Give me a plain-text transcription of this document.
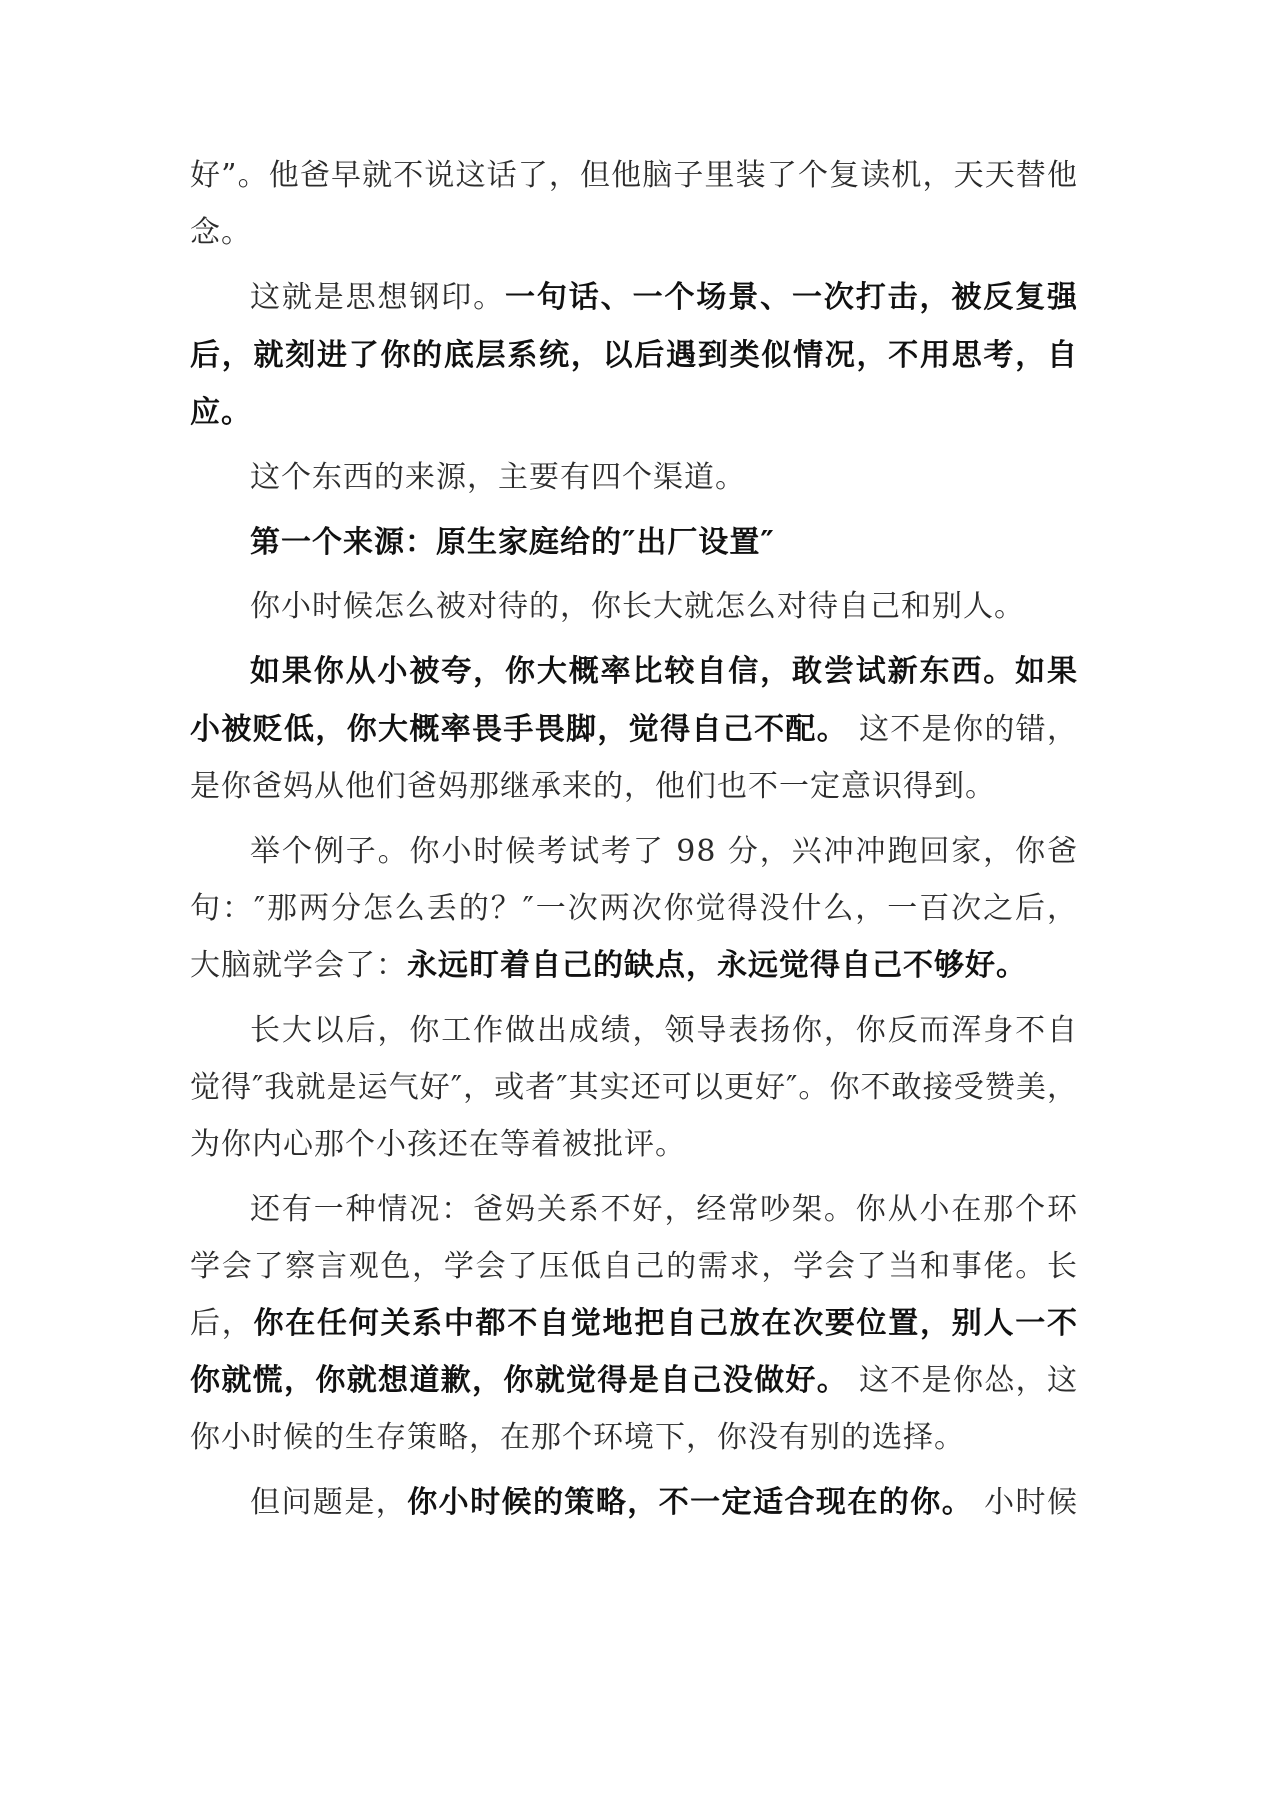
好”。他爸早就不说这话了，但他脑子里装了个复读机，天天替他
念。
这就是思想钢印。一句话、一个场景、一次打击，被反复强
后，就刻进了你的底层系统，以后遇到类似情况，不用思考，自
应。
这个东西的来源，主要有四个渠道。
第一个来源：原生家庭给的″出厂设置″
你小时候怎么被对待的，你长大就怎么对待自己和别人。
如果你从小被夸，你大概率比较自信，敢尝试新东西。如果
小被贬低，你大概率畏手畏脚，觉得自己不配。 这不是你的错，
是你爸妈从他们爸妈那继承来的，他们也不一定意识得到。
举个例子。你小时候考试考了 98 分，兴冲冲跑回家，你爸
句：″那两分怎么丢的？″一次两次你觉得没什么，一百次之后，
大脑就学会了：永远盯着自己的缺点，永远觉得自己不够好。
长大以后，你工作做出成绩，领导表扬你，你反而浑身不自
觉得″我就是运气好″，或者″其实还可以更好″。你不敢接受赞美，
为你内心那个小孩还在等着被批评。
还有一种情况：爸妈关系不好，经常吵架。你从小在那个环
学会了察言观色，学会了压低自己的需求，学会了当和事佬。长
后，你在任何关系中都不自觉地把自己放在次要位置，别人一不
你就慌，你就想道歉，你就觉得是自己没做好。 这不是你怂，这
你小时候的生存策略，在那个环境下，你没有别的选择。
但问题是，你小时候的策略，不一定适合现在的你。 小时候
